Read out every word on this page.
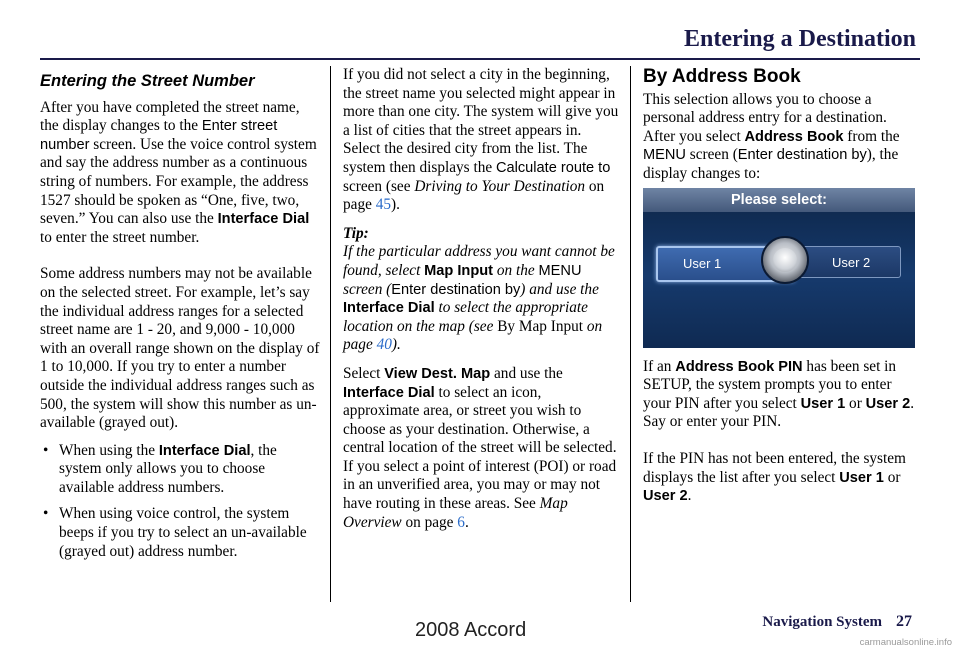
Entering a Destination

Entering the Street Number

After you have completed the street name, the display changes to the Enter street number screen. Use the voice control system and say the address number as a continuous string of numbers. For example, the address 1527 should be spoken as “One, five, two, seven.” You can also use the Interface Dial to enter the street number.

Some address numbers may not be available on the selected street. For example, let’s say the individual address ranges for a selected street name are 1 - 20, and 9,000 - 10,000 with an overall range shown on the display of 1 to 10,000. If you try to enter a number outside the individual address ranges such as 500, the system will show this number as un-available (grayed out).

• When using the Interface Dial, the system only allows you to choose available address numbers.
• When using voice control, the system beeps if you try to select an un-available (grayed out) address number.

If you did not select a city in the beginning, the street name you selected might appear in more than one city. The system will give you a list of cities that the street appears in. Select the desired city from the list. The system then displays the Calculate route to screen (see Driving to Your Destination on page 45).

Tip:

If the particular address you want cannot be found, select Map Input on the MENU screen (Enter destination by) and use the Interface Dial to select the appropriate location on the map (see By Map Input on page 40).

Select View Dest. Map and use the Interface Dial to select an icon, approximate area, or street you wish to choose as your destination. Otherwise, a central location of the street will be selected. If you select a point of interest (POI) or road in an unverified area, you may or may not have routing in these areas. See Map Overview on page 6.

By Address Book

This selection allows you to choose a personal address entry for a destination. After you select Address Book from the MENU screen (Enter destination by), the display changes to:

Please select:
User 1	User 2

If an Address Book PIN has been set in SETUP, the system prompts you to enter your PIN after you select User 1 or User 2. Say or enter your PIN.

If the PIN has not been entered, the system displays the list after you select User 1 or User 2.

Navigation System 27
2008 Accord
carmanualsonline.info
